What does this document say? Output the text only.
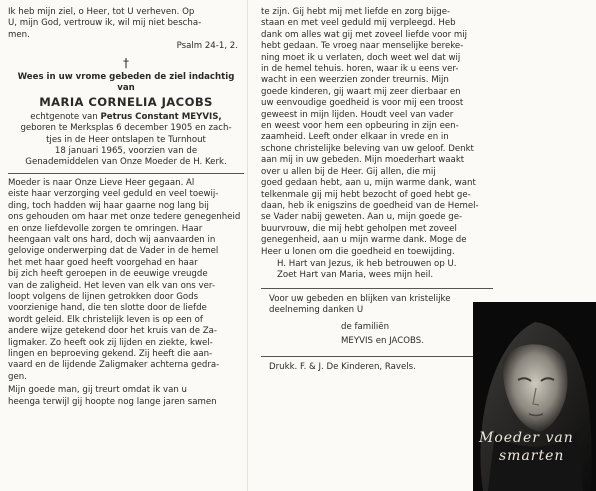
Ik heb mijn ziel, o Heer, tot U verheven. Op
U, mijn God, vertrouw ik, wil mij niet bescha-
men.
Psalm 24-1, 2.
†
Wees in uw vrome gebeden de ziel indachtig van
MARIA CORNELIA JACOBS
echtgenote van Petrus Constant MEYVIS,
geboren te Merksplas 6 december 1905 en zach-
tjes in de Heer ontslapen te Turnhout
18 januari 1965, voorzien van de
Genademiddelen van Onze Moeder de H. Kerk.
Moeder is naar Onze Lieve Heer gegaan. Al
eiste haar verzorging veel geduld en veel toewij-
ding, toch hadden wij haar gaarne nog lang bij
ons gehouden om haar met onze tedere genegenheid
en onze liefdevolle zorgen te omringen. Haar
heengaan valt ons hard, doch wij aanvaarden in
gelovige onderwerping dat de Vader in de hemel
het met haar goed heeft voorgehad en haar
bij zich heeft geroepen in de eeuwige vreugde
van de zaligheid. Het leven van elk van ons ver-
loopt volgens de lijnen getrokken door Gods
voorzienige hand, die ten slotte door de liefde
wordt geleid. Elk christelijk leven is op een of
andere wijze getekend door het kruis van de Za-
ligmaker. Zo heeft ook zij lijden en ziekte, kwel-
lingen en beproeving gekend. Zij heeft die aan-
vaard en de lijdende Zaligmaker achterna gedra-
gen.
Mijn goede man, gij treurt omdat ik van u
heenga terwijl gij hoopte nog lange jaren samen
te zijn. Gij hebt mij met liefde en zorg bijge-
staan en met veel geduld mij verpleegd. Heb
dank om alles wat gij met zoveel liefde voor mij
hebt gedaan. Te vroeg naar menselijke bereke-
ning moet ik u verlaten, doch weet wel dat wij
in de hemel tehuis. horen, waar ik u eens ver-
wacht in een weerzien zonder treurnis. Mijn
goede kinderen, gij waart mij zeer dierbaar en
uw eenvoudige goedheid is voor mij een troost
geweest in mijn lijden. Houdt veel van vader
en weest voor hem een opbeuring in zijn een-
zaamheid. Leeft onder elkaar in vrede en in
schone christelijke beleving van uw geloof. Denkt
aan mij in uw gebeden. Mijn moederhart waakt
over u allen bij de Heer. Gij allen, die mij
goed gedaan hebt, aan u, mijn warme dank, want
telkenmale gij mij hebt bezocht of goed hebt ge-
daan, heb ik enigszins de goedheid van de Hemel-
se Vader nabij geweten. Aan u, mijn goede ge-
buurvrouw, die mij hebt geholpen met zoveel
genegenheid, aan u mijn warme dank. Moge de
Heer u lonen om die goedheid en toewijding.
H. Hart van Jezus, ik heb betrouwen op U.
Zoet Hart van Maria, wees mijn heil.
Voor uw gebeden en blijken van kristelijke
deelneming danken U
de familiën
MEYVIS en JACOBS.
Drukk. F. & J. De Kinderen, Ravels.
Moeder van
smarten
